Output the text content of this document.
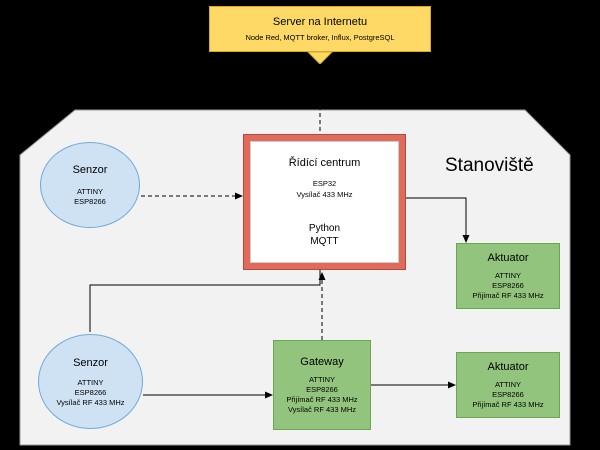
Server na Internetu
Node Red, MQTT broker, Influx, PostgreSQL
Řídící centrum
ESP32
Vysílač 433 MHz
Python
MQTT
Senzor
ATTINY
ESP8266
Senzor
ATTINY
ESP8266
Vysílač RF 433 MHz
Aktuator
ATTINY
ESP8266
Přijímač RF 433 MHz
Aktuator
ATTINY
ESP8266
Přijímač RF 433 MHz
Gateway
ATTINY
ESP8266
Přijímač RF 433 MHz
Vysílač RF 433 MHz
Stanoviště
